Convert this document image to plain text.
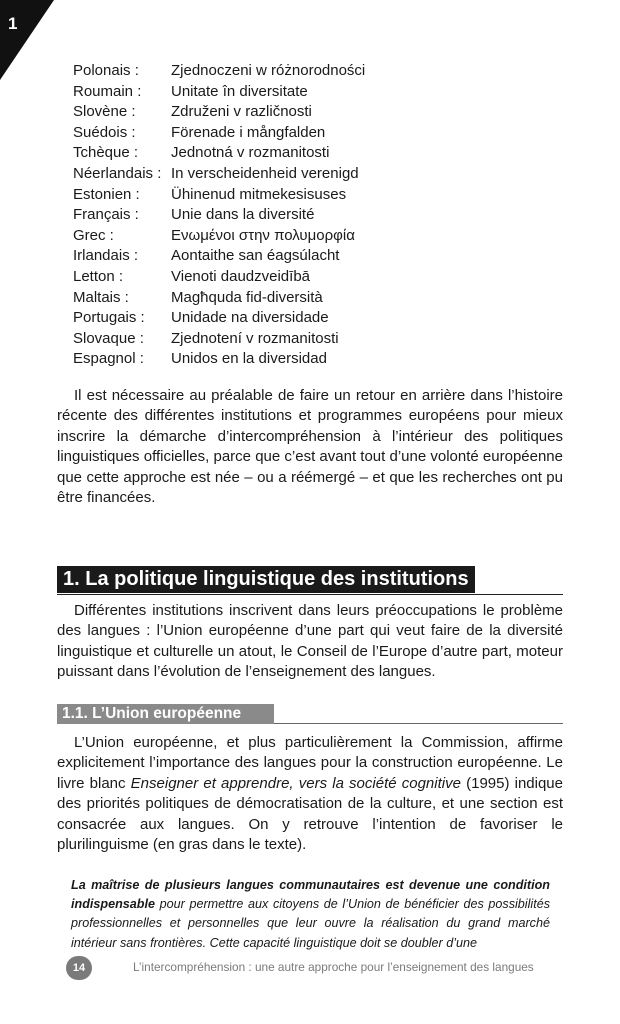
1
Polonais :	Zjednoczeni w różnorodności
Roumain :	Unitate în diversitate
Slovène :	Združeni v različnosti
Suédois :	Förenade i mångfalden
Tchèque :	Jednotná v rozmanitosti
Néerlandais : In verscheidenheid verenigd
Estonien :	Ühinenud mitmekesisuses
Français :	Unie dans la diversité
Grec :	Ενωμένοι στην πολυμορφία
Irlandais :	Aontaithe san éagsúlacht
Letton :	Vienoti daudzveidībā
Maltais :	Magħquda fid-diversità
Portugais :	Unidade na diversidade
Slovaque :	Zjednotení v rozmanitosti
Espagnol :	Unidos en la diversidad

Il est nécessaire au préalable de faire un retour en arrière dans l’histoire récente des différentes institutions et programmes européens pour mieux inscrire la démarche d’intercompréhension à l’intérieur des politiques linguistiques officielles, parce que c’est avant tout d’une volonté européenne que cette approche est née – ou a réémergé – et que les recherches ont pu être financées.

1. La politique linguistique des institutions

Différentes institutions inscrivent dans leurs préoccupations le problème des langues : l’Union européenne d’une part qui veut faire de la diversité linguistique et culturelle un atout, le Conseil de l’Europe d’autre part, moteur puissant dans l’évolution de l’enseignement des langues.

1.1. L’Union européenne

L’Union européenne, et plus particulièrement la Commission, affirme explicitement l’importance des langues pour la construction européenne. Le livre blanc Enseigner et apprendre, vers la société cognitive (1995) indique des priorités politiques de démocratisation de la culture, et une section est consacrée aux langues. On y retrouve l’intention de favoriser le plurilinguisme (en gras dans le texte).

La maîtrise de plusieurs langues communautaires est devenue une condition indispensable pour permettre aux citoyens de l’Union de bénéficier des possibilités professionnelles et personnelles que leur ouvre la réalisation du grand marché intérieur sans frontières. Cette capacité linguistique doit se doubler d’une

14	L’intercompréhension : une autre approche pour l’enseignement des langues
